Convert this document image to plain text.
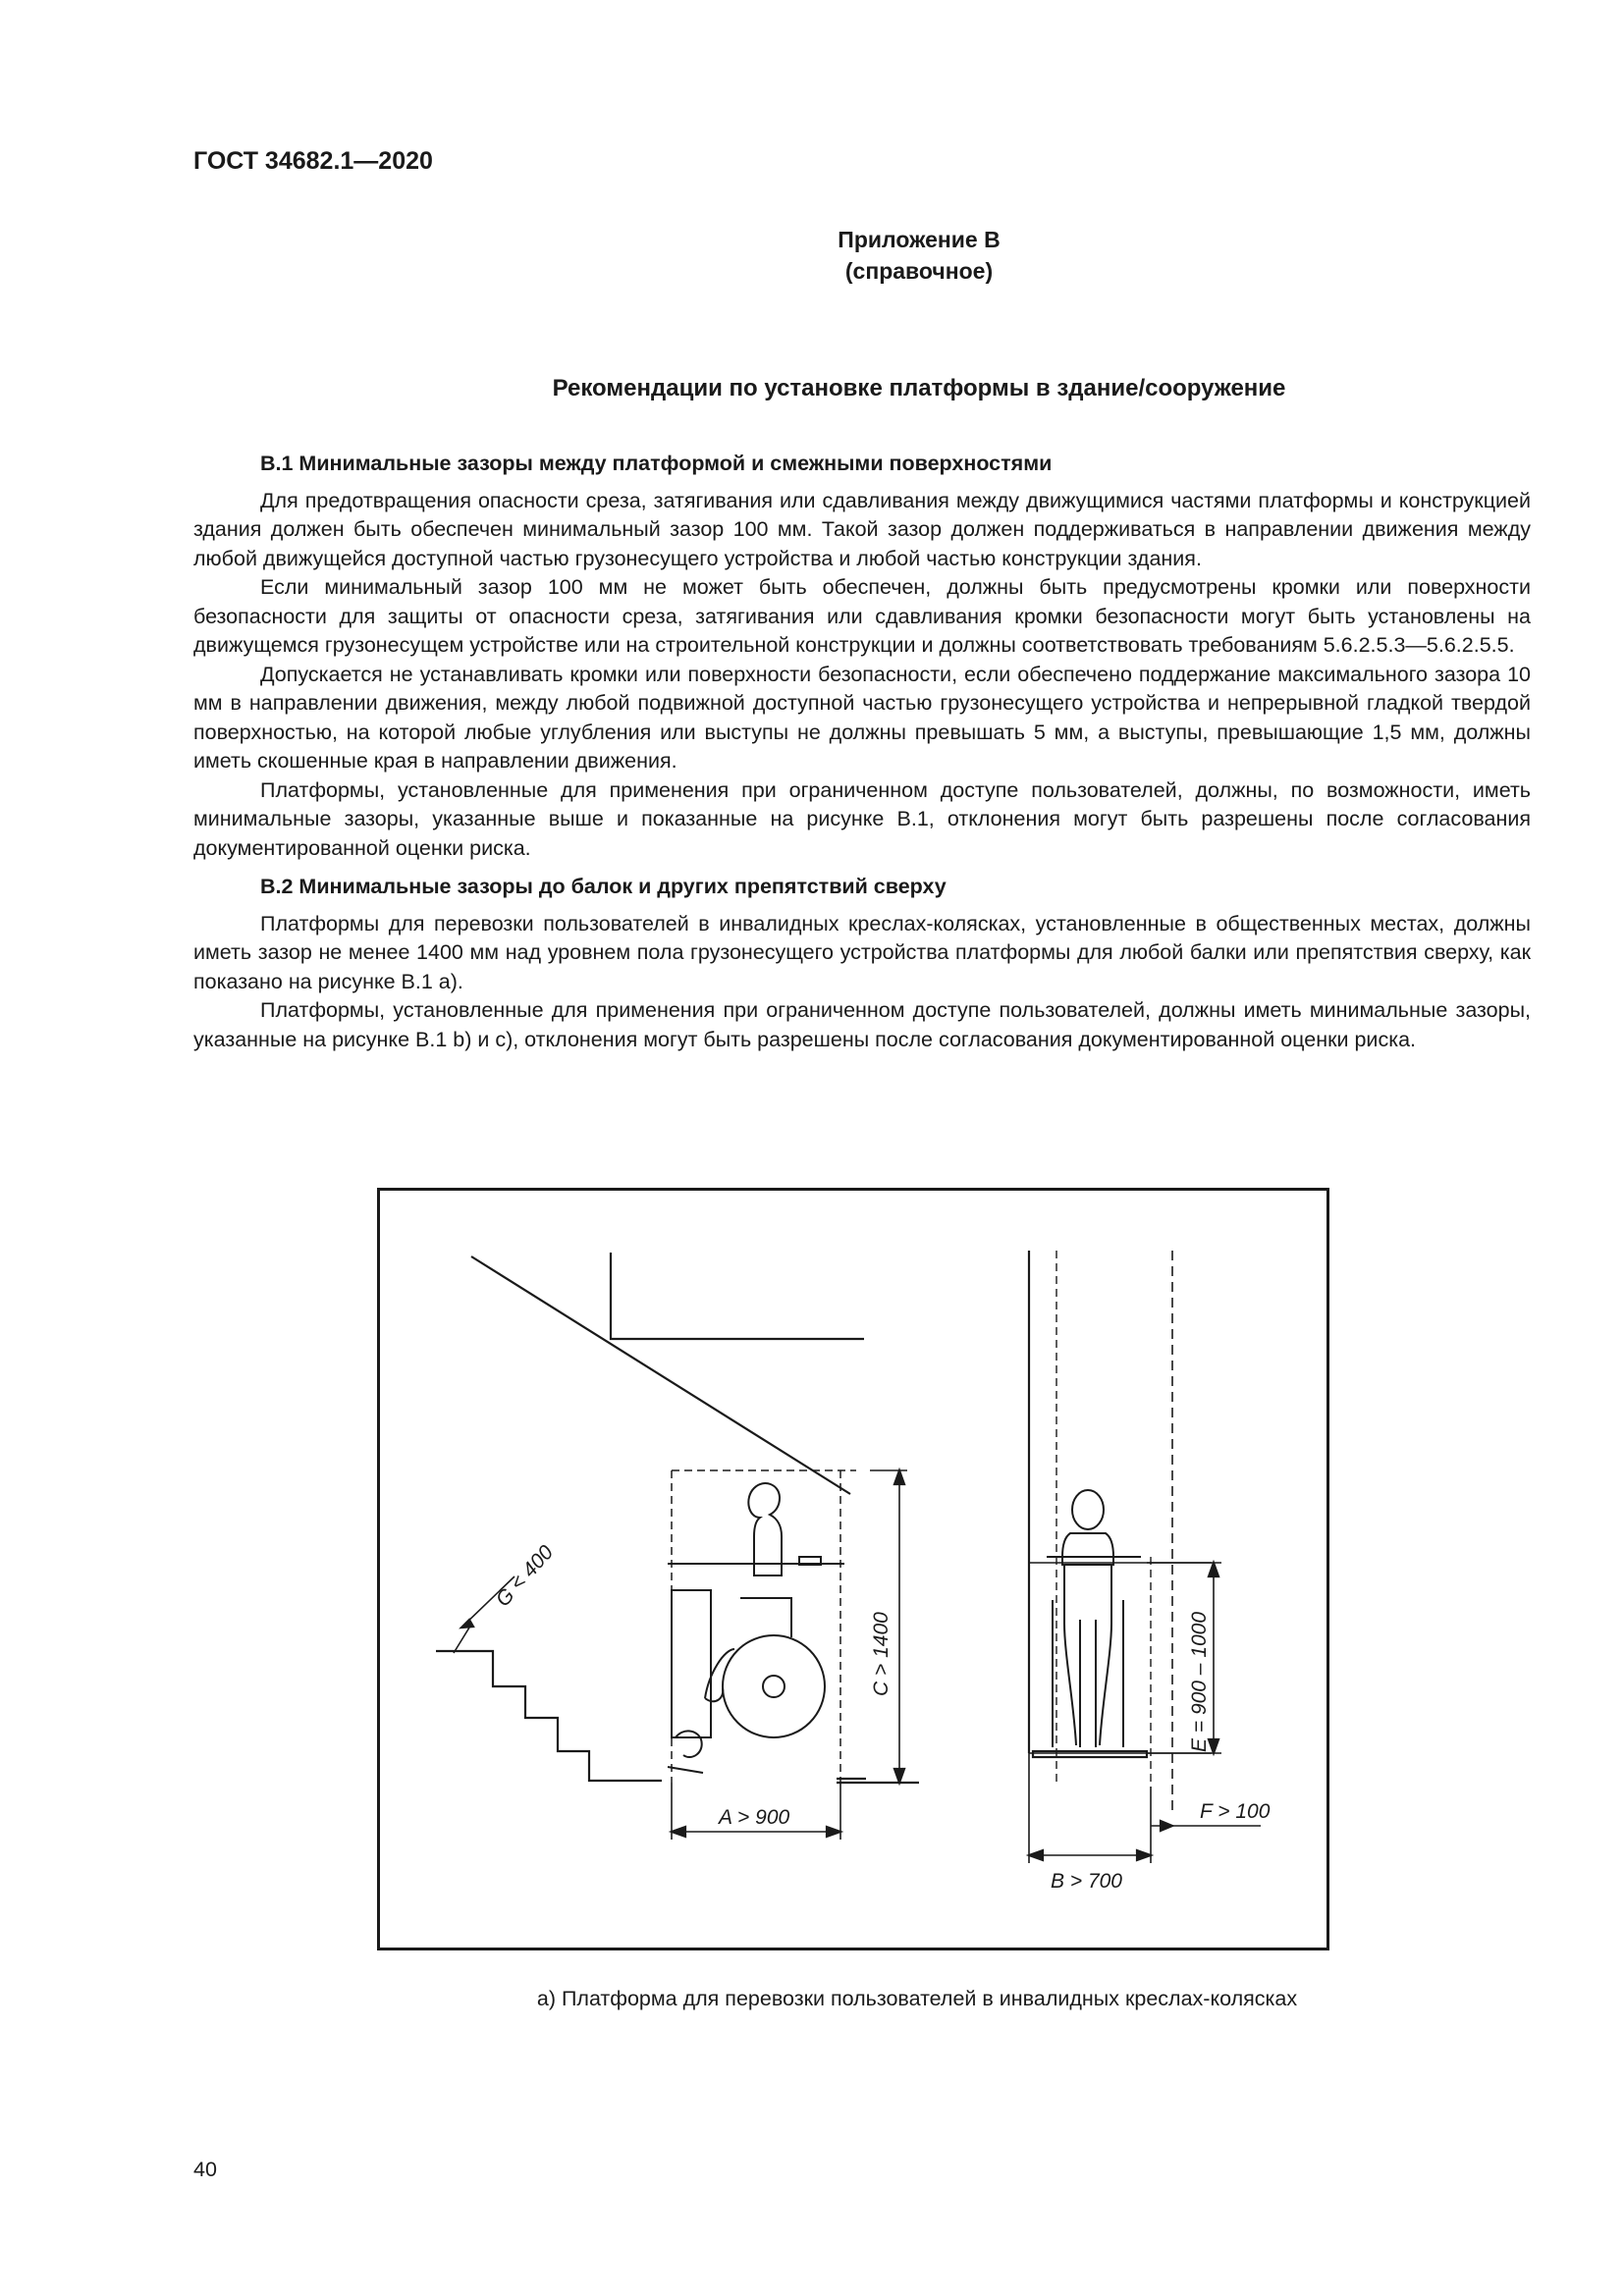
ГОСТ 34682.1—2020
Приложение В
(справочное)
Рекомендации по установке платформы в здание/сооружение
В.1 Минимальные зазоры между платформой и смежными поверхностями

Для предотвращения опасности среза, затягивания или сдавливания между движущимися частями платформы и конструкцией здания должен быть обеспечен минимальный зазор 100 мм. Такой зазор должен поддерживаться в направлении движения между любой движущейся доступной частью грузонесущего устройства и любой частью конструкции здания.

Если минимальный зазор 100 мм не может быть обеспечен, должны быть предусмотрены кромки или поверхности безопасности для защиты от опасности среза, затягивания или сдавливания кромки безопасности могут быть установлены на движущемся грузонесущем устройстве или на строительной конструкции и должны соответствовать требованиям 5.6.2.5.3—5.6.2.5.5.

Допускается не устанавливать кромки или поверхности безопасности, если обеспечено поддержание максимального зазора 10 мм в направлении движения, между любой подвижной доступной частью грузонесущего устройства и непрерывной гладкой твердой поверхностью, на которой любые углубления или выступы не должны превышать 5 мм, а выступы, превышающие 1,5 мм, должны иметь скошенные края в направлении движения.

Платформы, установленные для применения при ограниченном доступе пользователей, должны, по возможности, иметь минимальные зазоры, указанные выше и показанные на рисунке В.1, отклонения могут быть разрешены после согласования документированной оценки риска.

В.2 Минимальные зазоры до балок и других препятствий сверху

Платформы для перевозки пользователей в инвалидных креслах-колясках, установленные в общественных местах, должны иметь зазор не менее 1400 мм над уровнем пола грузонесущего устройства платформы для любой балки или препятствия сверху, как показано на рисунке В.1 а).

Платформы, установленные для применения при ограниченном доступе пользователей, должны иметь минимальные зазоры, указанные на рисунке В.1 b) и c), отклонения могут быть разрешены после согласования документированной оценки риска.

G < 400
C > 1400
A > 900
B > 700
E = 900 – 1000
F > 100
а) Платформа для перевозки пользователей в инвалидных креслах-колясках
40
